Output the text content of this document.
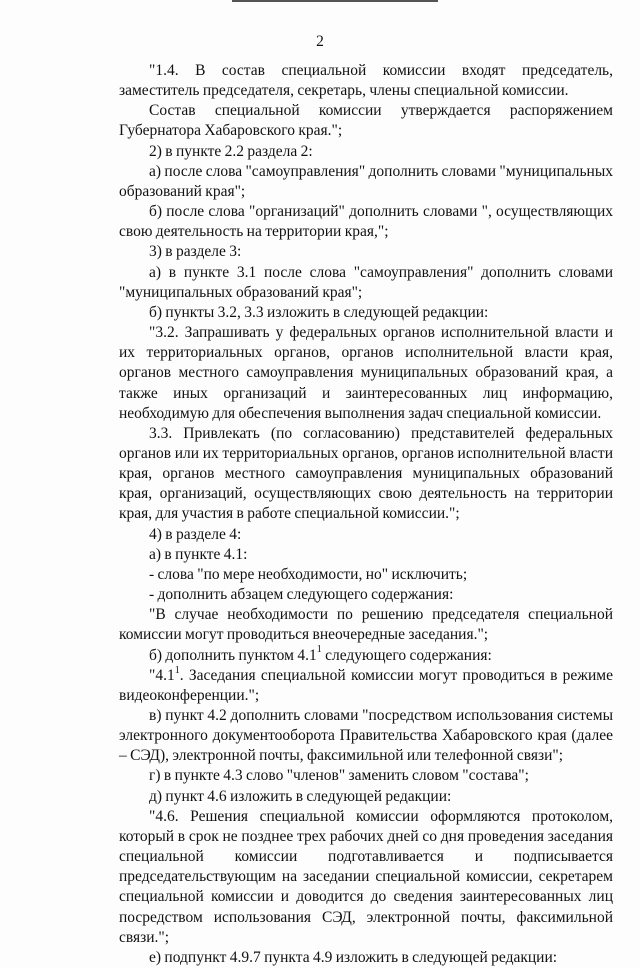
2

"1.4. В состав специальной комиссии входят председатель, заместитель председателя, секретарь, члены специальной комиссии.

Состав специальной комиссии утверждается распоряжением Губернатора Хабаровского края.";

2) в пункте 2.2 раздела 2:

а) после слова "самоуправления" дополнить словами "муниципальных образований края";

б) после слова "организаций" дополнить словами ", осуществляющих свою деятельность на территории края,";

3) в разделе 3:

а) в пункте 3.1 после слова "самоуправления" дополнить словами "муниципальных образований края";

б) пункты 3.2, 3.3 изложить в следующей редакции:

"3.2. Запрашивать у федеральных органов исполнительной власти и их территориальных органов, органов исполнительной власти края, органов местного самоуправления муниципальных образований края, а также иных организаций и заинтересованных лиц информацию, необходимую для обеспечения выполнения задач специальной комиссии.

3.3. Привлекать (по согласованию) представителей федеральных органов или их территориальных органов, органов исполнительной власти края, органов местного самоуправления муниципальных образований края, организаций, осуществляющих свою деятельность на территории края, для участия в работе специальной комиссии.";

4) в разделе 4:

а) в пункте 4.1:

- слова "по мере необходимости, но" исключить;

- дополнить абзацем следующего содержания:

"В случае необходимости по решению председателя специальной комиссии могут проводиться внеочередные заседания.";

б) дополнить пунктом $4.1^1$ следующего содержания:

"$4.1^1$. Заседания специальной комиссии могут проводиться в режиме видеоконференции.";

в) пункт 4.2 дополнить словами "посредством использования системы электронного документооборота Правительства Хабаровского края (далее – СЭД), электронной почты, факсимильной или телефонной связи";

г) в пункте 4.3 слово "членов" заменить словом "состава";

д) пункт 4.6 изложить в следующей редакции:

"4.6. Решения специальной комиссии оформляются протоколом, который в срок не позднее трех рабочих дней со дня проведения заседания специальной комиссии подготавливается и подписывается председательствующим на заседании специальной комиссии, секретарем специальной комиссии и доводится до сведения заинтересованных лиц посредством использования СЭД, электронной почты, факсимильной связи.";

е) подпункт 4.9.7 пункта 4.9 изложить в следующей редакции:
